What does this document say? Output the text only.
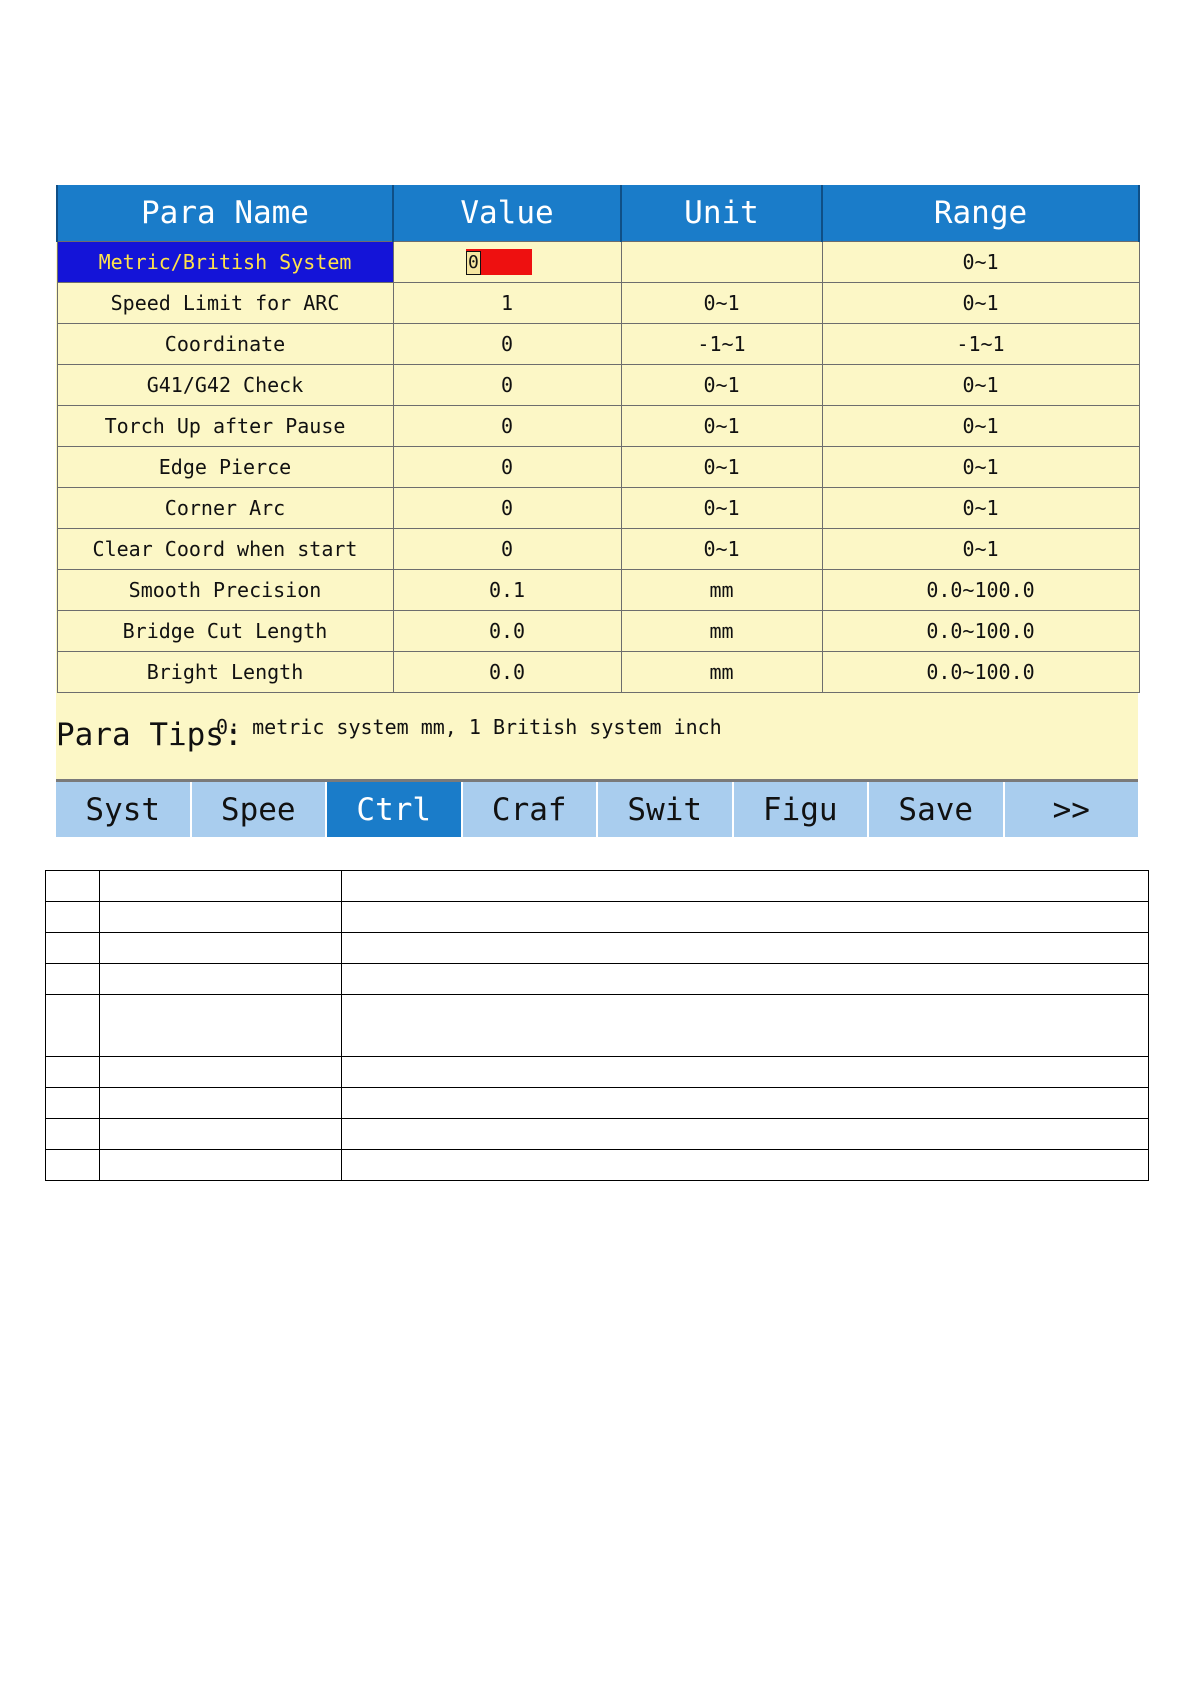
Para Name	Value	Unit	Range
Metric/British System	0		0~1
Speed Limit for ARC	1	0~1	0~1
Coordinate	0	-1~1	-1~1
G41/G42 Check	0	0~1	0~1
Torch Up after Pause	0	0~1	0~1
Edge Pierce	0	0~1	0~1
Corner Arc	0	0~1	0~1
Clear Coord when start	0	0~1	0~1
Smooth Precision	0.1	mm	0.0~100.0
Bridge Cut Length	0.0	mm	0.0~100.0
Bright Length	0.0	mm	0.0~100.0
Para Tips:
0: metric system mm, 1 British system inch
Syst	Spee	Ctrl	Craf	Swit	Figu	Save	>>
